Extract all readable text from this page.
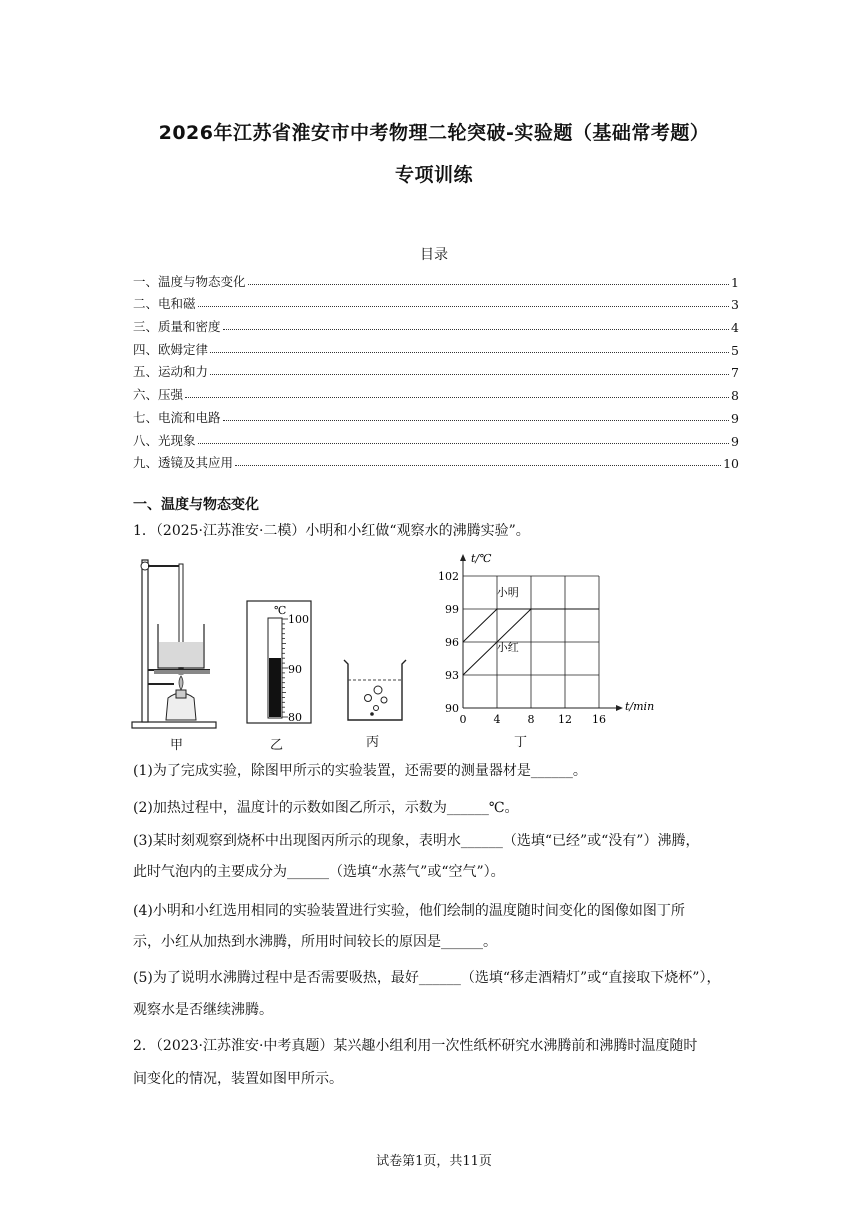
2026年江苏省淮安市中考物理二轮突破-实验题（基础常考题）
专项训练
目录
一、温度与物态变化	1
二、电和磁	3
三、质量和密度	4
四、欧姆定律	5
五、运动和力	7
六、压强	8
七、电流和电路	9
八、光现象	9
九、透镜及其应用	10
一、温度与物态变化
1．（2025·江苏淮安·二模）小明和小红做“观察水的沸腾实验”。
甲
℃
100
90
80
乙	丙
0 4 8 12 16
90
93
96
99
102
t/℃
t/min
小明
小红
丁
(1)为了完成实验，除图甲所示的实验装置，还需要的测量器材是______。
(2)加热过程中，温度计的示数如图乙所示，示数为______℃。
(3)某时刻观察到烧杯中出现图丙所示的现象，表明水______（选填“已经”或“没有”）沸腾，
此时气泡内的主要成分为______（选填“水蒸气”或“空气”）。
(4)小明和小红选用相同的实验装置进行实验，他们绘制的温度随时间变化的图像如图丁所
示，小红从加热到水沸腾，所用时间较长的原因是______。
(5)为了说明水沸腾过程中是否需要吸热，最好______（选填“移走酒精灯”或“直接取下烧杯”），
观察水是否继续沸腾。
2．（2023·江苏淮安·中考真题）某兴趣小组利用一次性纸杯研究水沸腾前和沸腾时温度随时
间变化的情况，装置如图甲所示。
试卷第1页，共11页
